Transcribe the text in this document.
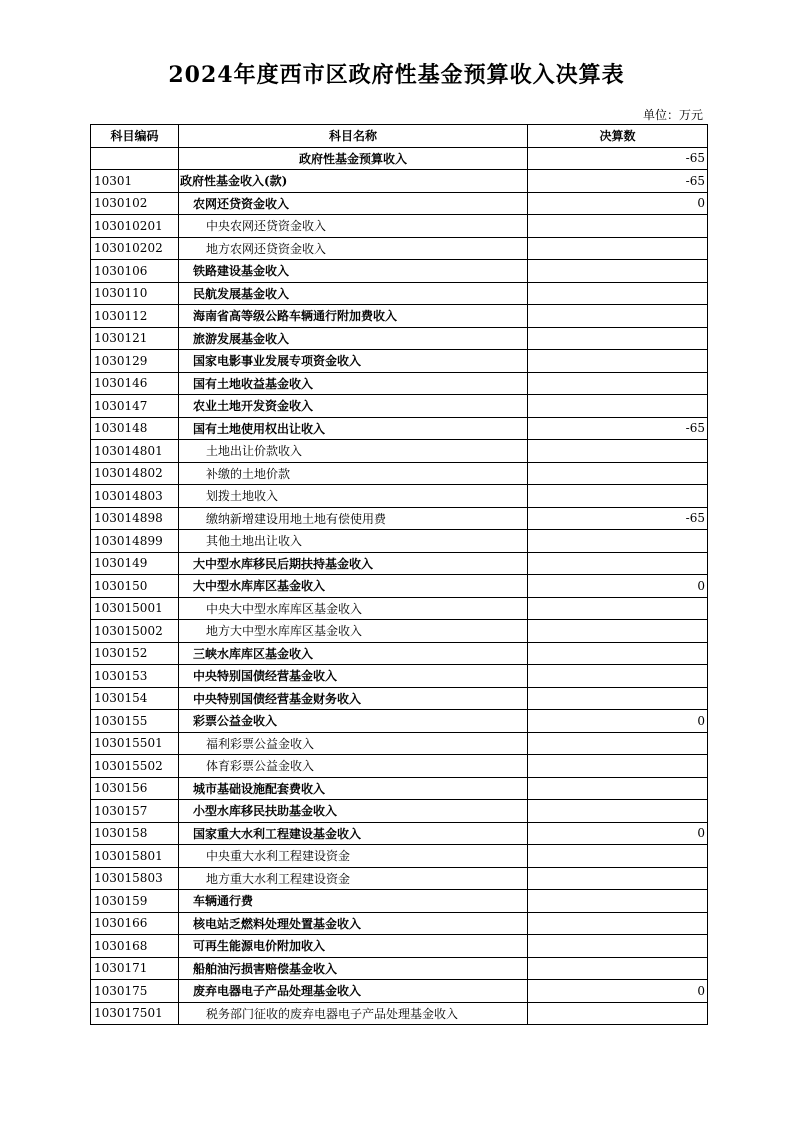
2024年度西市区政府性基金预算收入决算表
单位：万元
科目编码	科目名称	决算数
	政府性基金预算收入	-65
10301	政府性基金收入(款)	-65
1030102	农网还贷资金收入	0
103010201	中央农网还贷资金收入	
103010202	地方农网还贷资金收入	
1030106	铁路建设基金收入	
1030110	民航发展基金收入	
1030112	海南省高等级公路车辆通行附加费收入	
1030121	旅游发展基金收入	
1030129	国家电影事业发展专项资金收入	
1030146	国有土地收益基金收入	
1030147	农业土地开发资金收入	
1030148	国有土地使用权出让收入	-65
103014801	土地出让价款收入	
103014802	补缴的土地价款	
103014803	划拨土地收入	
103014898	缴纳新增建设用地土地有偿使用费	-65
103014899	其他土地出让收入	
1030149	大中型水库移民后期扶持基金收入	
1030150	大中型水库库区基金收入	0
103015001	中央大中型水库库区基金收入	
103015002	地方大中型水库库区基金收入	
1030152	三峡水库库区基金收入	
1030153	中央特别国债经营基金收入	
1030154	中央特别国债经营基金财务收入	
1030155	彩票公益金收入	0
103015501	福利彩票公益金收入	
103015502	体育彩票公益金收入	
1030156	城市基础设施配套费收入	
1030157	小型水库移民扶助基金收入	
1030158	国家重大水利工程建设基金收入	0
103015801	中央重大水利工程建设资金	
103015803	地方重大水利工程建设资金	
1030159	车辆通行费	
1030166	核电站乏燃料处理处置基金收入	
1030168	可再生能源电价附加收入	
1030171	船舶油污损害赔偿基金收入	
1030175	废弃电器电子产品处理基金收入	0
103017501	税务部门征收的废弃电器电子产品处理基金收入	
